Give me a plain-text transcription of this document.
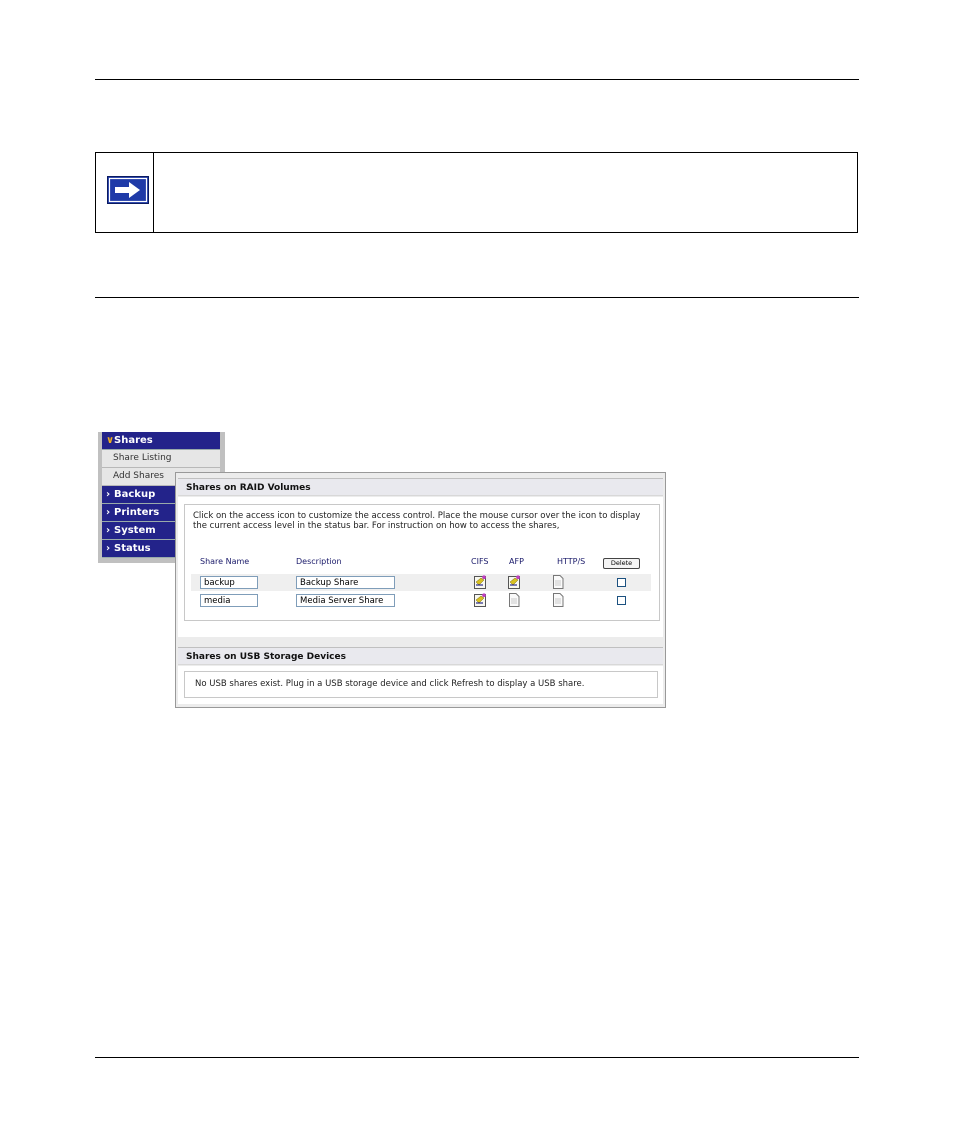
∨ Shares
Share Listing
Add Shares
› Backup
› Printers
› System
› Status
Shares on RAID Volumes
Click on the access icon to customize the access control. Place the mouse cursor over the icon to display the current access level in the status bar. For instruction on how to access the shares,
Share Name	Description	CIFS	AFP	HTTP/S	Delete
backup	Backup Share
media	Media Server Share
Shares on USB Storage Devices
No USB shares exist. Plug in a USB storage device and click Refresh to display a USB share.
